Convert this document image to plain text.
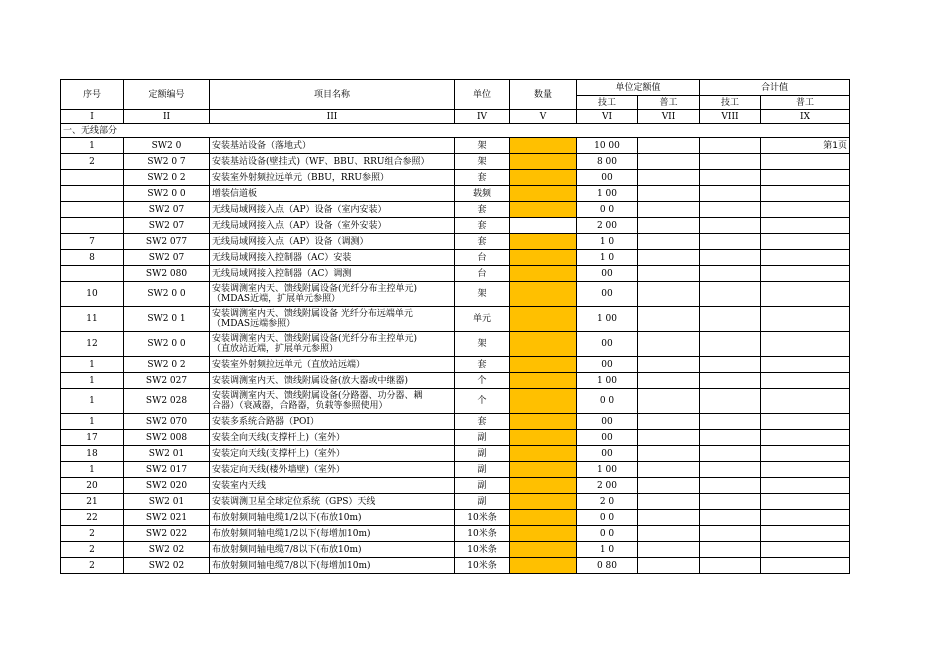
序号	定额编号	项目名称	单位	数量	单位定额值		合计值	
					技工	普工	技工	普工
I	II	III	IV	V	VI	VII	VIII	IX
一、无线部分								
1	SW2 0	安装基站设备（落地式）	架		10 00			第1页
2	SW2 0 7	安装基站设备(壁挂式)（WF、BBU、RRU组合参照）	架		8 00			
	SW2 0 2	安装室外射频拉远单元（BBU，RRU参照）	套		00			
	SW2 0 0	增装信道板	载频		1 00			
	SW2 07	无线局域网接入点（AP）设备（室内安装）	套		0 0			
	SW2 07	无线局域网接入点（AP）设备（室外安装）	套		2 00			
7	SW2 077	无线局域网接入点（AP）设备（调测）	套		1 0			
8	SW2 07	无线局域网接入控制器（AC）安装	台		1 0			
	SW2 080	无线局域网接入控制器（AC）调测	台		00			
10	SW2 0 0	安装调测室内天、馈线附属设备(光纤分布主控单元)
（MDAS近端，扩展单元参照）	架		00			
11	SW2 0 1	安装调测室内天、馈线附属设备 光纤分布远端单元
（MDAS远端参照）	单元		1 00			
12	SW2 0 0	安装调测室内天、馈线附属设备(光纤分布主控单元)
（直放站近端，扩展单元参照）	架		00			
1	SW2 0 2	安装室外射频拉远单元（直放站远端）	套		00			
1	SW2 027	安装调测室内天、馈线附属设备(放大器或中继器)	个		1 00			
1	SW2 028	安装调测室内天、馈线附属设备(分路器、功分器、耦
合器）（衰减器，合路器，负载等参照使用）	个		0 0			
1	SW2 070	安装多系统合路器（POI）	套		00			
17	SW2 008	安装全向天线(支撑杆上)（室外）	副		00			
18	SW2 01	安装定向天线(支撑杆上)（室外）	副		00			
1	SW2 017	安装定向天线(楼外墙壁)（室外）	副		1 00			
20	SW2 020	安装室内天线	副		2 00			
21	SW2 01	安装调测卫星全球定位系统（GPS）天线	副		2 0			
22	SW2 021	布放射频同轴电缆1/2以下(布放10m)	10米条		0 0			
2	SW2 022	布放射频同轴电缆1/2以下(每增加10m)	10米条		0 0			
2	SW2 02	布放射频同轴电缆7/8以下(布放10m)	10米条		1 0			
2	SW2 02	布放射频同轴电缆7/8以下(每增加10m)	10米条		0 80			
